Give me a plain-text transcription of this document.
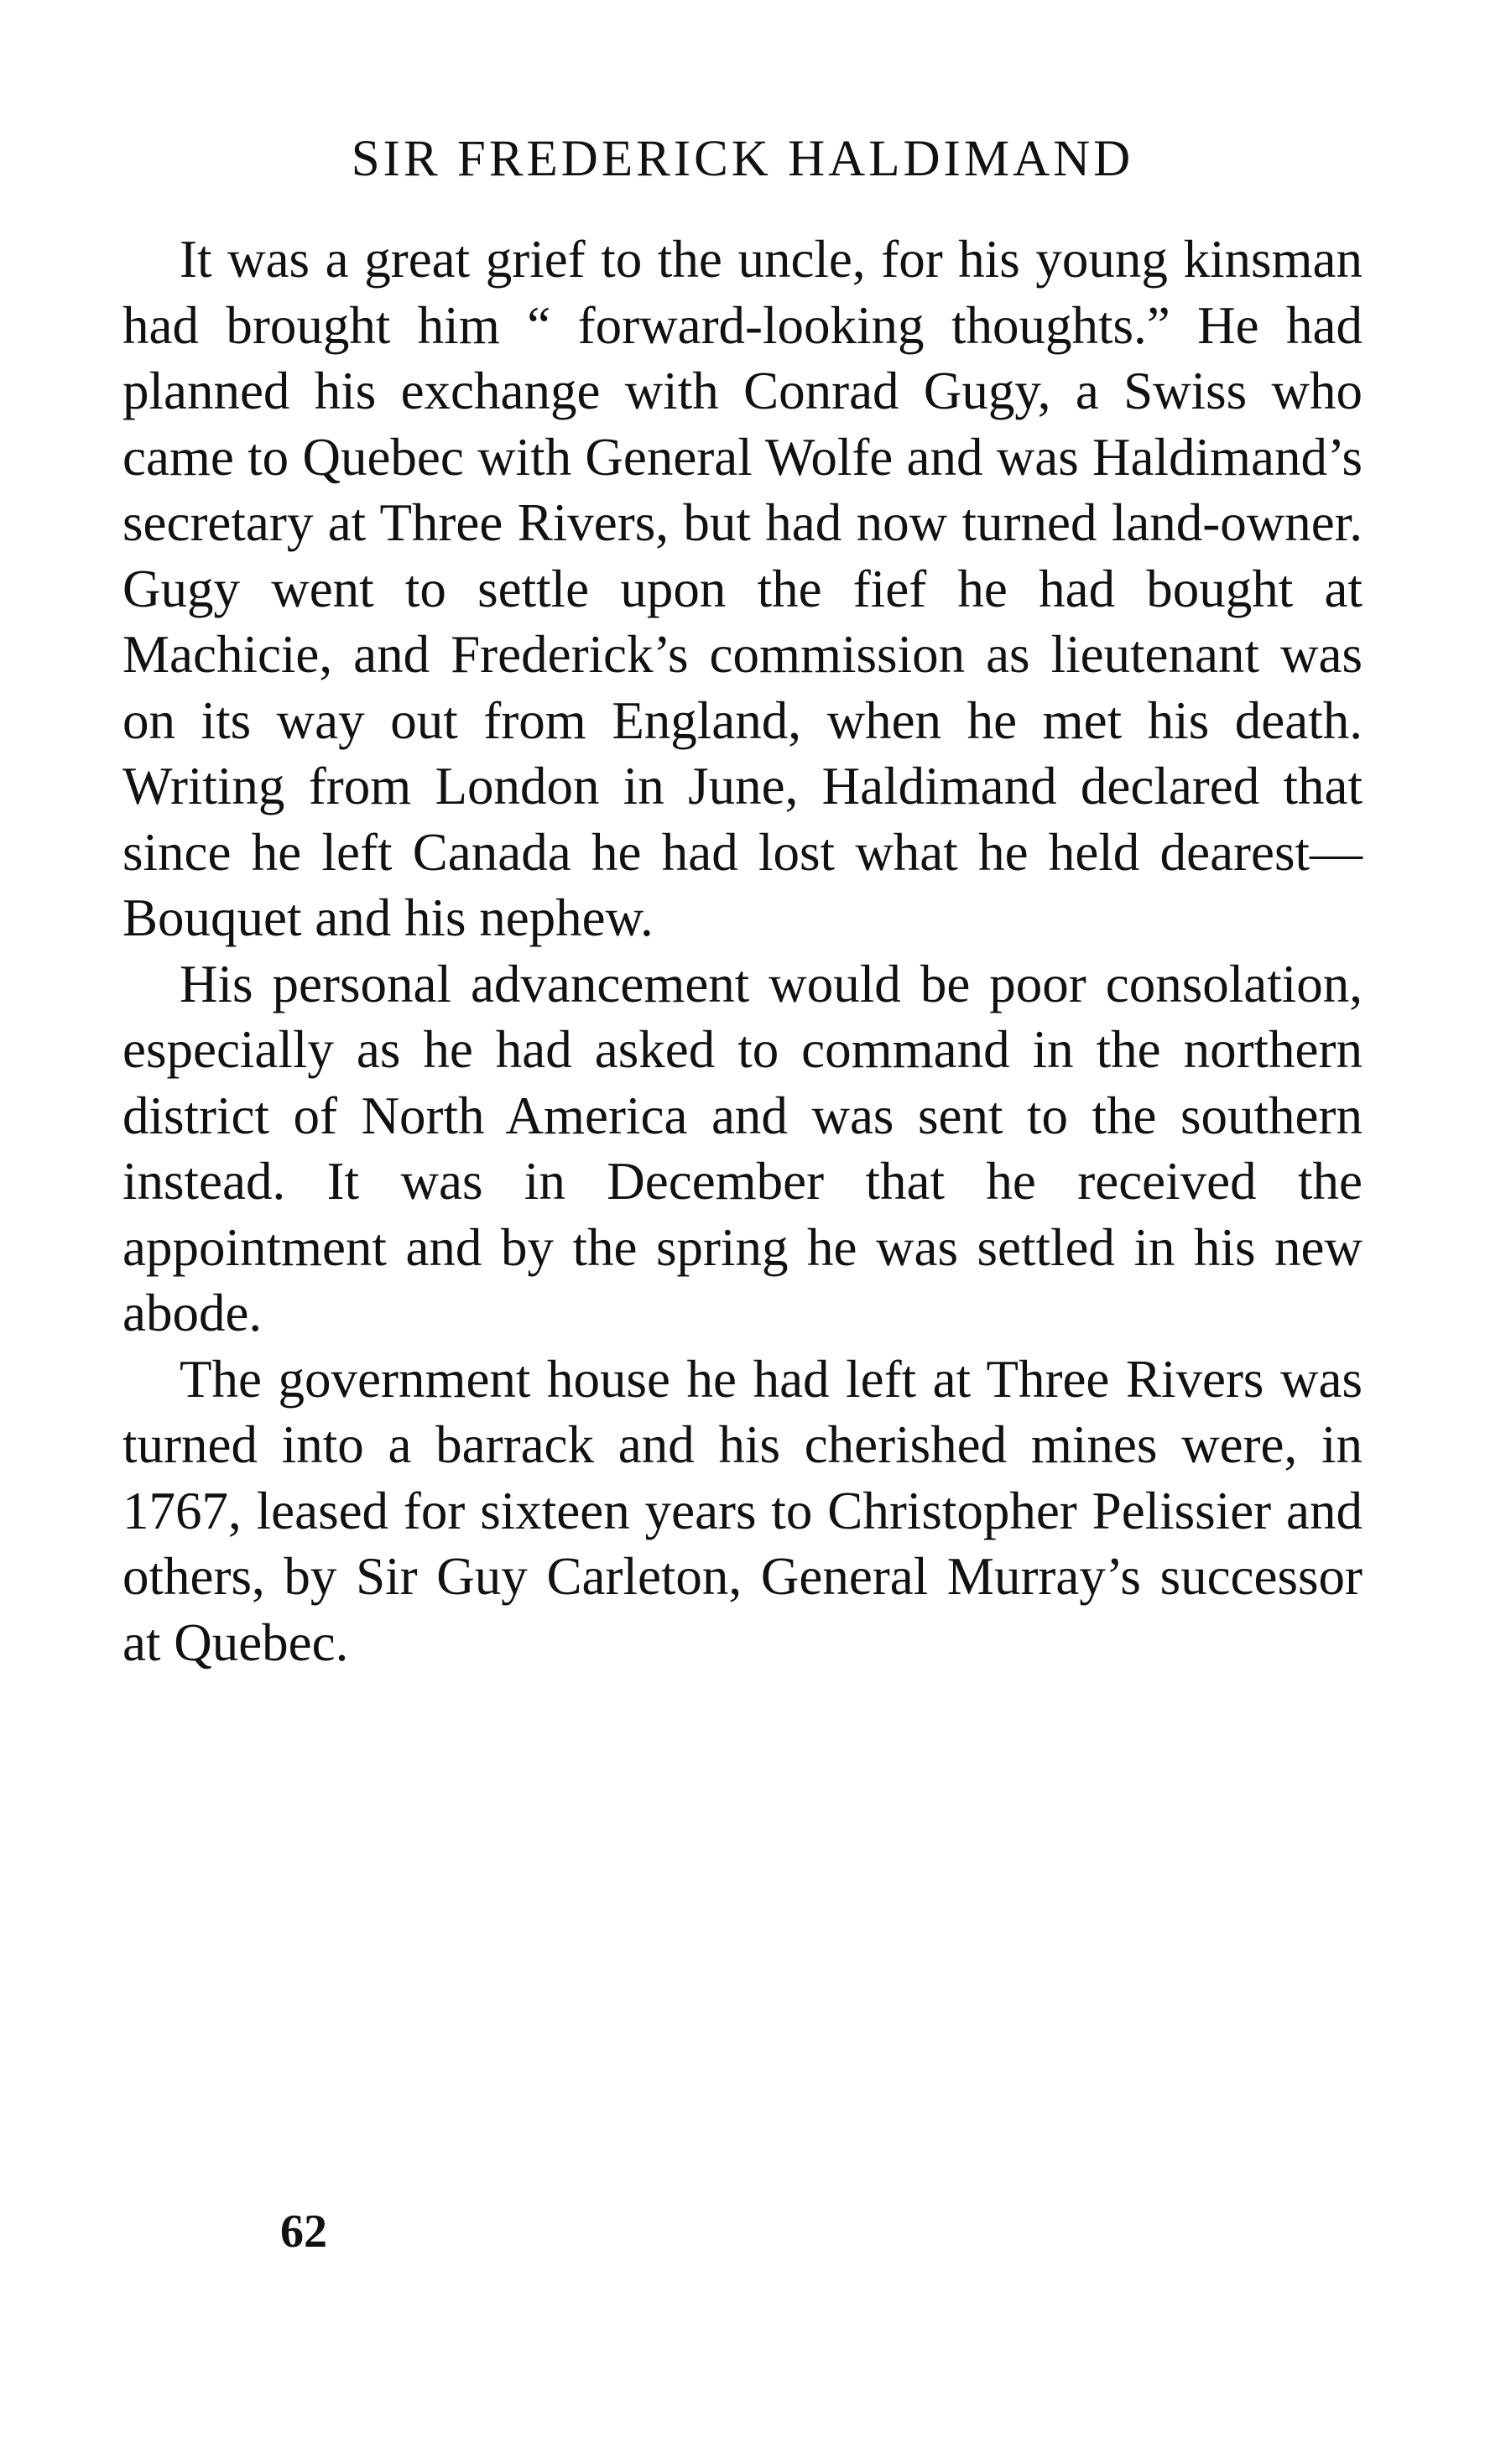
SIR FREDERICK HALDIMAND

It was a great grief to the uncle, for his young kinsman had brought him “ forward-looking thoughts.” He had planned his exchange with Conrad Gugy, a Swiss who came to Quebec with General Wolfe and was Haldimand’s secretary at Three Rivers, but had now turned land-owner. Gugy went to settle upon the fief he had bought at Machicie, and Frederick’s commission as lieutenant was on its way out from England, when he met his death. Writing from London in June, Haldimand declared that since he left Canada he had lost what he held dearest—Bouquet and his nephew.

His personal advancement would be poor consolation, especially as he had asked to command in the northern district of North America and was sent to the southern instead. It was in December that he received the appointment and by the spring he was settled in his new abode.

The government house he had left at Three Rivers was turned into a barrack and his cherished mines were, in 1767, leased for sixteen years to Christopher Pelissier and others, by Sir Guy Carleton, General Murray’s successor at Quebec.

62
